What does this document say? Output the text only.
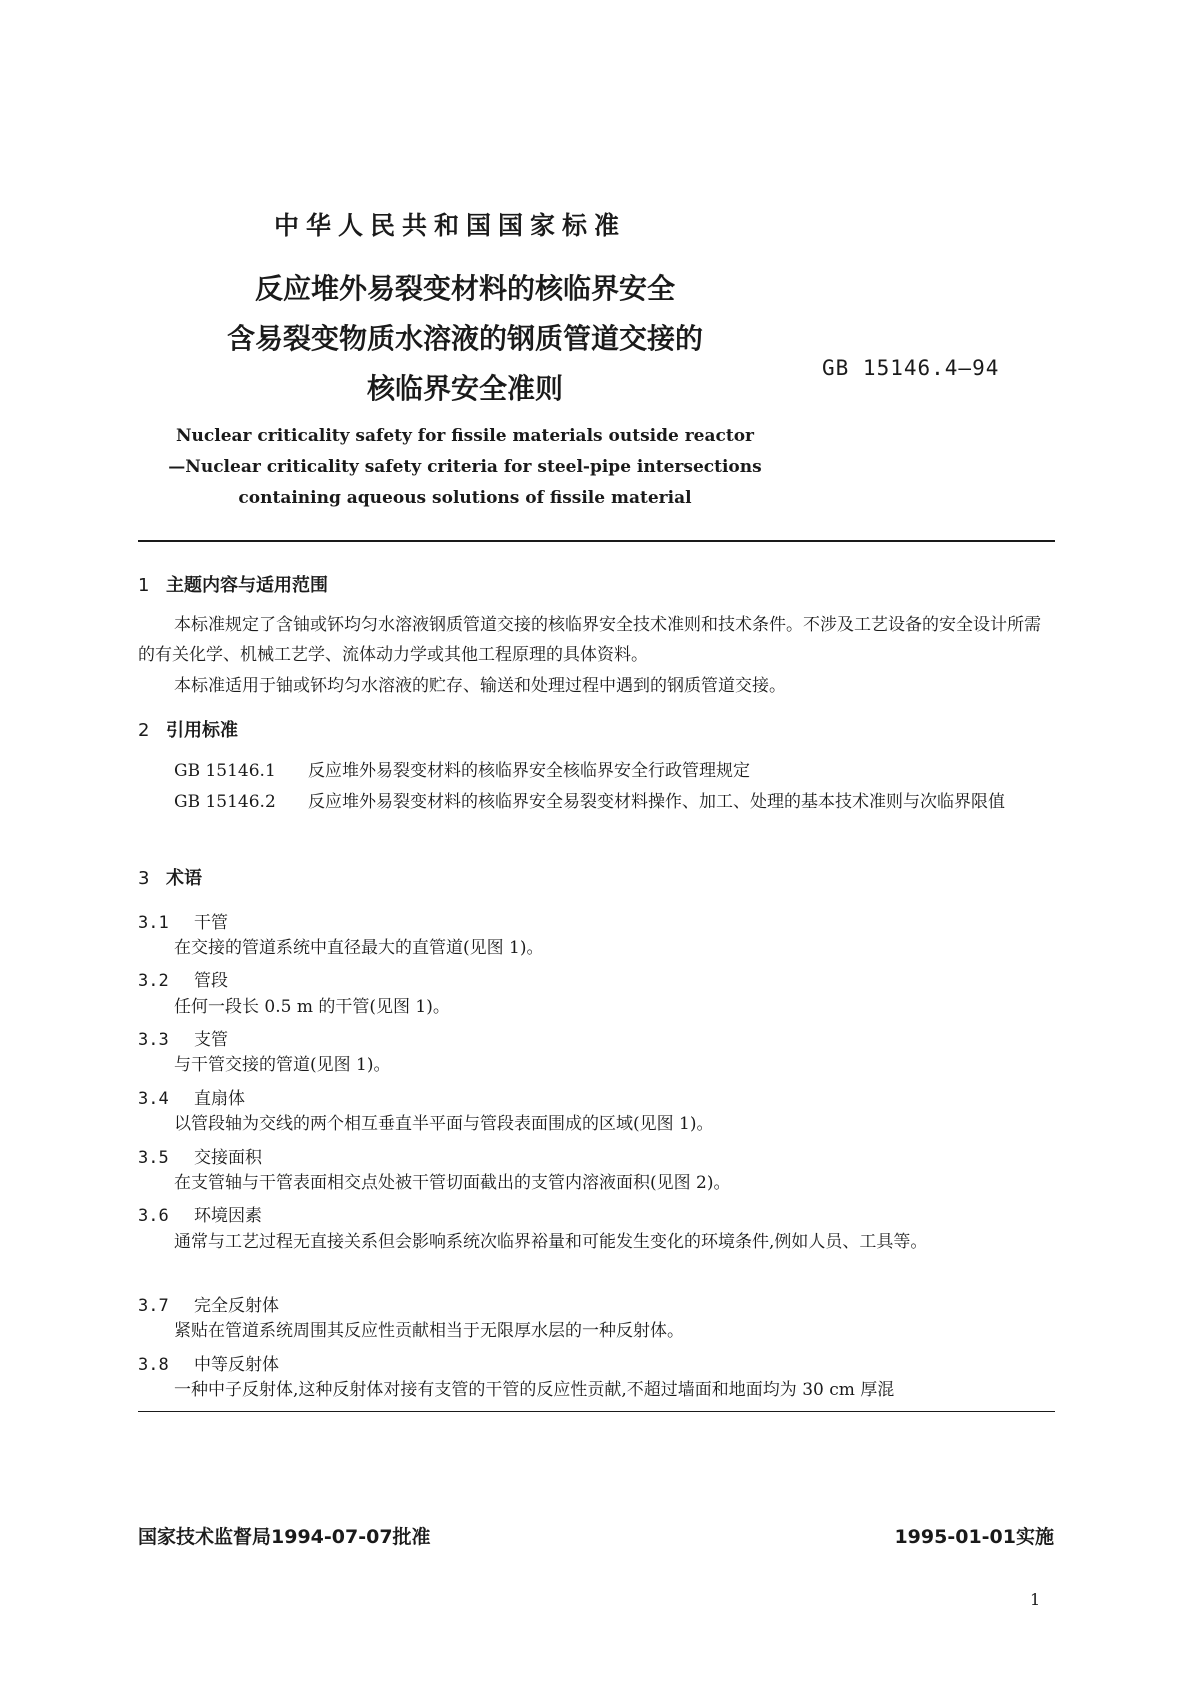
中华人民共和国国家标准
反应堆外易裂变材料的核临界安全
含易裂变物质水溶液的钢质管道交接的
核临界安全准则
GB 15146.4—94
Nuclear criticality safety for fissile materials outside reactor
—Nuclear criticality safety criteria for steel-pipe intersections
containing aqueous solutions of fissile material
1 主题内容与适用范围
本标准规定了含铀或钚均匀水溶液钢质管道交接的核临界安全技术准则和技术条件。不涉及工艺设备的安全设计所需的有关化学、机械工艺学、流体动力学或其他工程原理的具体资料。
本标准适用于铀或钚均匀水溶液的贮存、输送和处理过程中遇到的钢质管道交接。
2 引用标准
GB 15146.1	反应堆外易裂变材料的核临界安全核临界安全行政管理规定
GB 15146.2	反应堆外易裂变材料的核临界安全易裂变材料操作、加工、处理的基本技术准则与次临界限值
3 术语
3.1 干管
在交接的管道系统中直径最大的直管道(见图 1)。
3.2 管段
任何一段长 0.5 m 的干管(见图 1)。
3.3 支管
与干管交接的管道(见图 1)。
3.4 直扇体
以管段轴为交线的两个相互垂直半平面与管段表面围成的区域(见图 1)。
3.5 交接面积
在支管轴与干管表面相交点处被干管切面截出的支管内溶液面积(见图 2)。
3.6 环境因素
通常与工艺过程无直接关系但会影响系统次临界裕量和可能发生变化的环境条件,例如人员、工具等。
3.7 完全反射体
紧贴在管道系统周围其反应性贡献相当于无限厚水层的一种反射体。
3.8 中等反射体
一种中子反射体,这种反射体对接有支管的干管的反应性贡献,不超过墙面和地面均为 30 cm 厚混
国家技术监督局1994-07-07批准	1995-01-01实施
1
